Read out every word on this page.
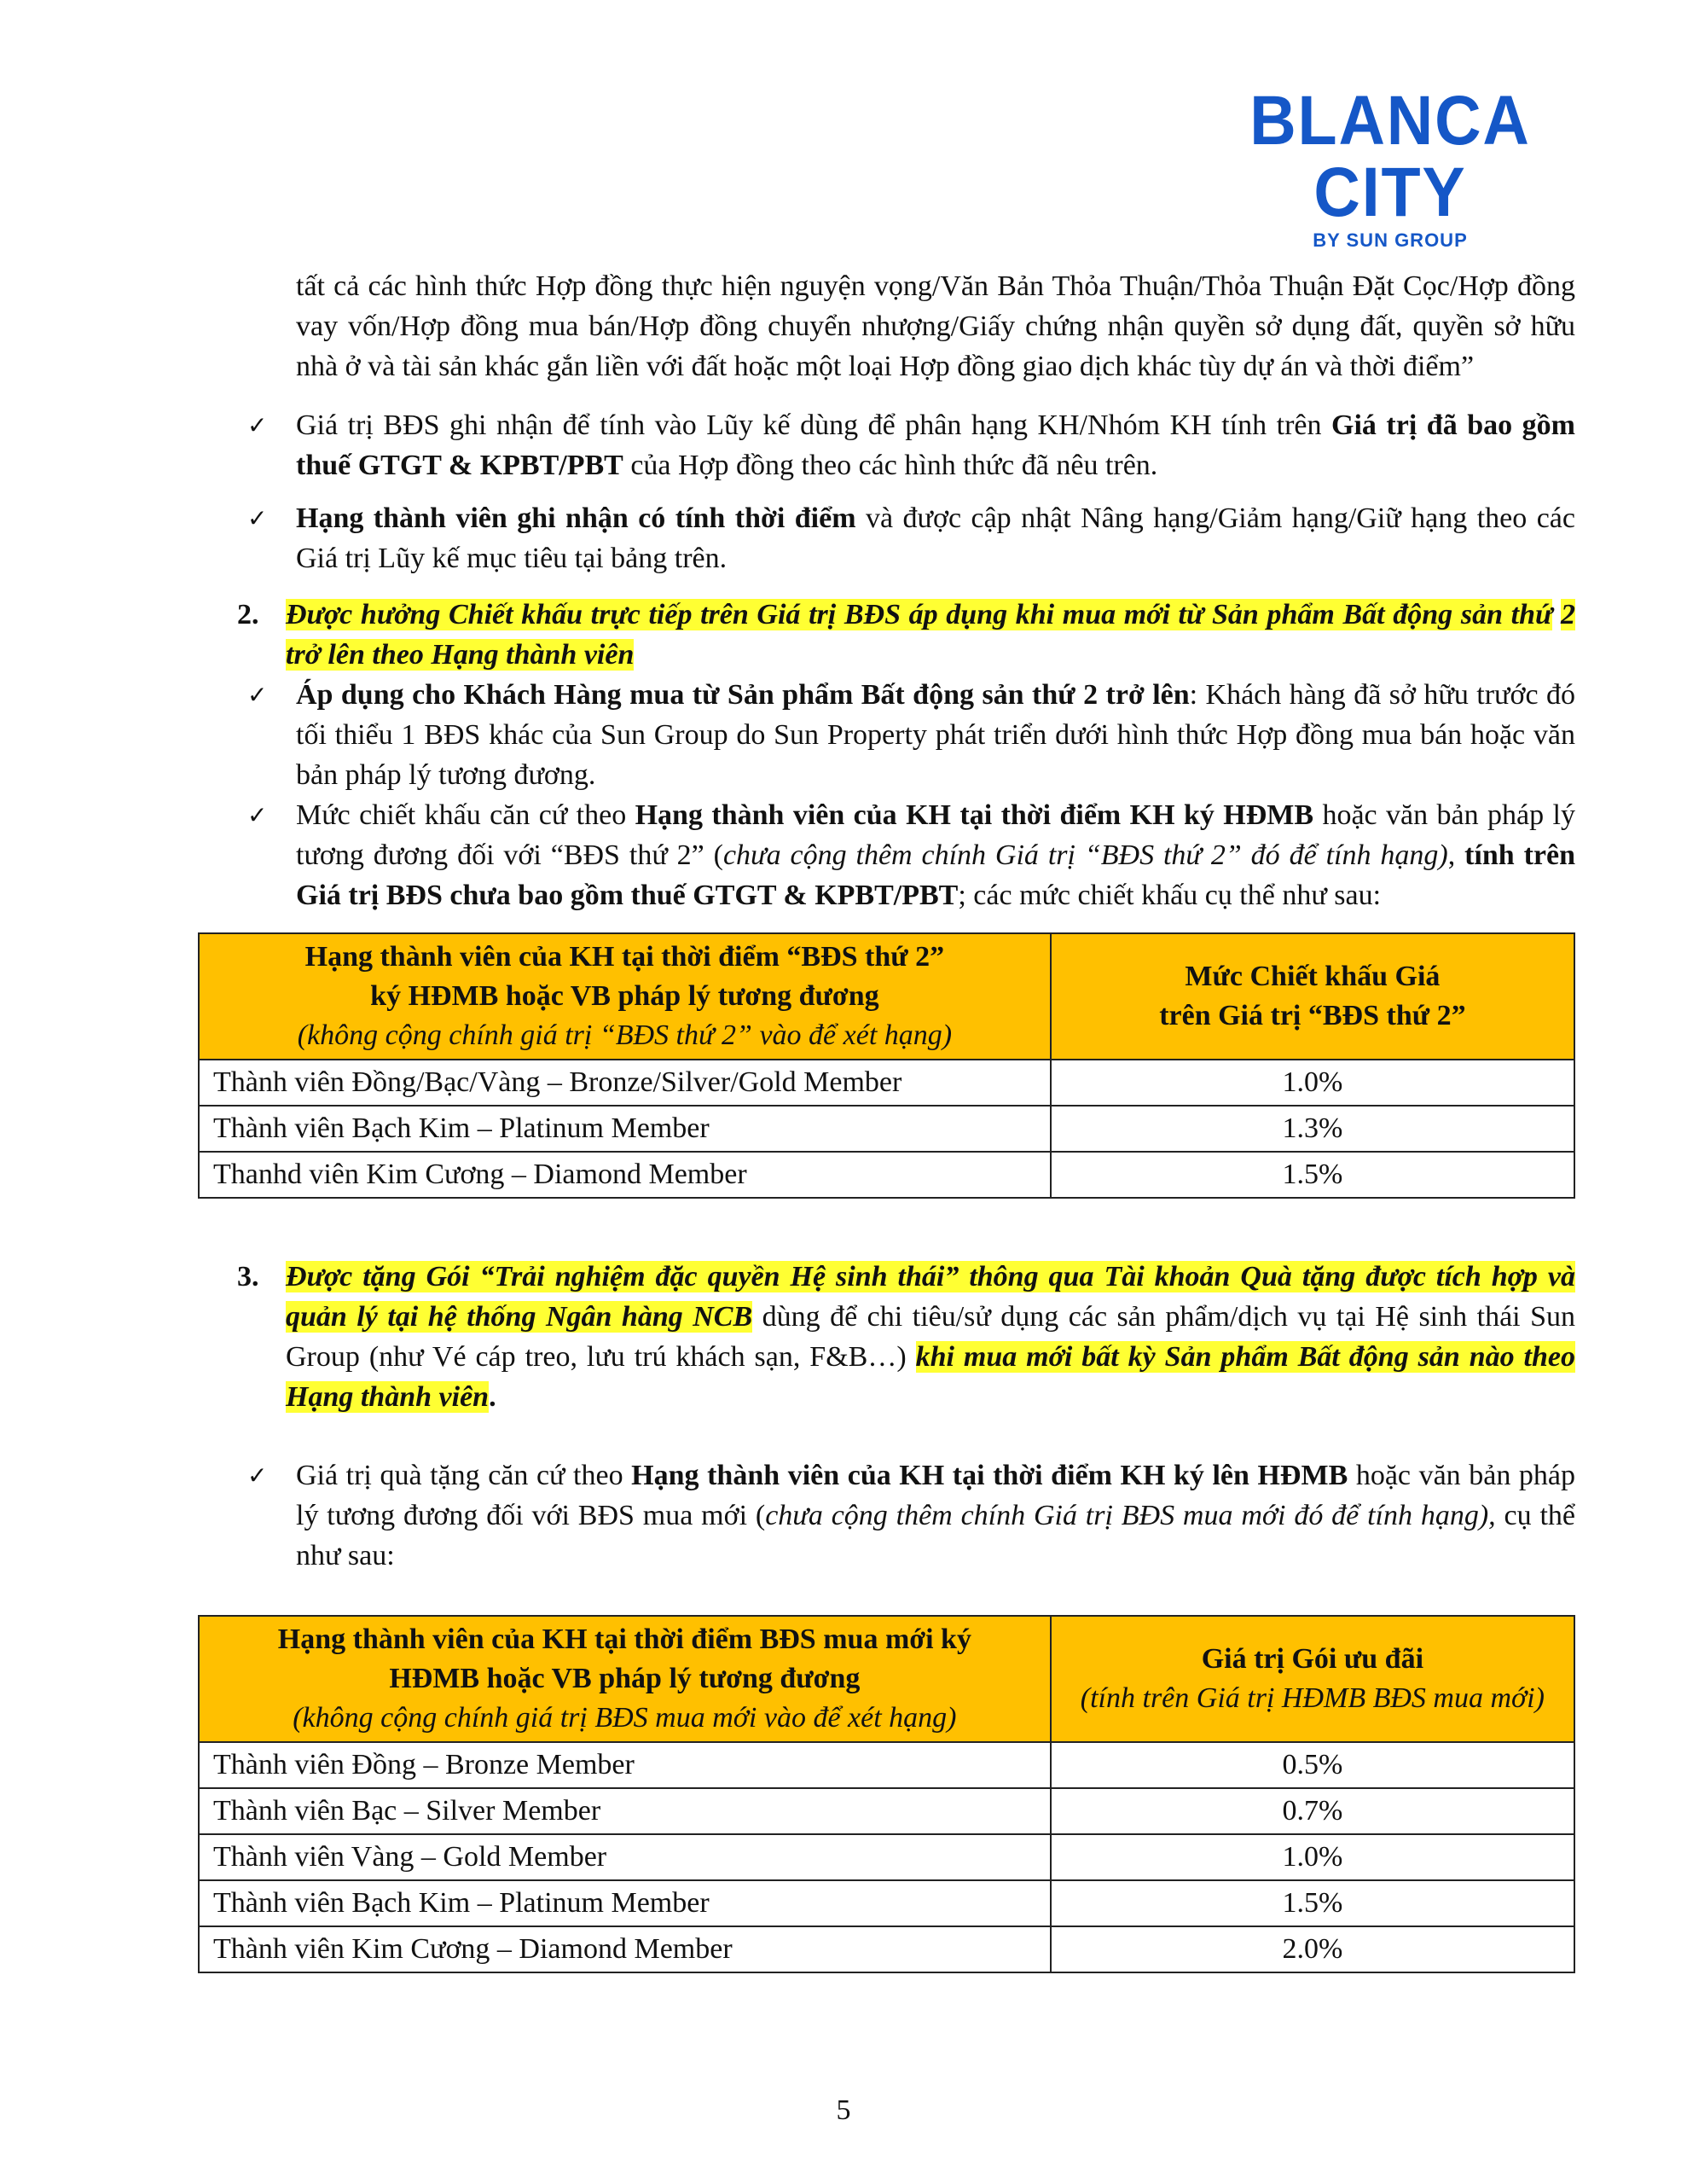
BLANCA CITY
BY SUN GROUP

tất cả các hình thức Hợp đồng thực hiện nguyện vọng/Văn Bản Thỏa Thuận/Thỏa Thuận Đặt Cọc/Hợp đồng vay vốn/Hợp đồng mua bán/Hợp đồng chuyển nhượng/Giấy chứng nhận quyền sở dụng đất, quyền sở hữu nhà ở và tài sản khác gắn liền với đất hoặc một loại Hợp đồng giao dịch khác tùy dự án và thời điểm”

✓ Giá trị BĐS ghi nhận để tính vào Lũy kế dùng để phân hạng KH/Nhóm KH tính trên Giá trị đã bao gồm thuế GTGT & KPBT/PBT của Hợp đồng theo các hình thức đã nêu trên.

✓ Hạng thành viên ghi nhận có tính thời điểm và được cập nhật Nâng hạng/Giảm hạng/Giữ hạng theo các Giá trị Lũy kế mục tiêu tại bảng trên.

2. Được hưởng Chiết khấu trực tiếp trên Giá trị BĐS áp dụng khi mua mới từ Sản phẩm Bất động sản thứ 2 trở lên theo Hạng thành viên

✓ Áp dụng cho Khách Hàng mua từ Sản phẩm Bất động sản thứ 2 trở lên: Khách hàng đã sở hữu trước đó tối thiểu 1 BĐS khác của Sun Group do Sun Property phát triển dưới hình thức Hợp đồng mua bán hoặc văn bản pháp lý tương đương.

✓ Mức chiết khấu căn cứ theo Hạng thành viên của KH tại thời điểm KH ký HĐMB hoặc văn bản pháp lý tương đương đối với “BĐS thứ 2” (chưa cộng thêm chính Giá trị “BĐS thứ 2” đó để tính hạng), tính trên Giá trị BĐS chưa bao gồm thuế GTGT & KPBT/PBT; các mức chiết khấu cụ thể như sau:

Hạng thành viên của KH tại thời điểm “BĐS thứ 2”
ký HĐMB hoặc VB pháp lý tương đương
(không cộng chính giá trị “BĐS thứ 2” vào để xét hạng)	Mức Chiết khấu Giá
trên Giá trị “BĐS thứ 2”

Thành viên Đồng/Bạc/Vàng – Bronze/Silver/Gold Member	1.0%
Thành viên Bạch Kim – Platinum Member	1.3%
Thanhd viên Kim Cương – Diamond Member	1.5%
3. Được tặng Gói “Trải nghiệm đặc quyền Hệ sinh thái” thông qua Tài khoản Quà tặng được tích hợp và quản lý tại hệ thống Ngân hàng NCB dùng để chi tiêu/sử dụng các sản phẩm/dịch vụ tại Hệ sinh thái Sun Group (như Vé cáp treo, lưu trú khách sạn, F&B…) khi mua mới bất kỳ Sản phẩm Bất động sản nào theo Hạng thành viên.

✓ Giá trị quà tặng căn cứ theo Hạng thành viên của KH tại thời điểm KH ký lên HĐMB hoặc văn bản pháp lý tương đương đối với BĐS mua mới (chưa cộng thêm chính Giá trị BĐS mua mới đó để tính hạng), cụ thể như sau:

Hạng thành viên của KH tại thời điểm BĐS mua mới ký
HĐMB hoặc VB pháp lý tương đương
(không cộng chính giá trị BĐS mua mới vào để xét hạng)	Giá trị Gói ưu đãi
(tính trên Giá trị HĐMB BĐS mua mới)

Thành viên Đồng – Bronze Member	0.5%
Thành viên Bạc – Silver Member	0.7%
Thành viên Vàng – Gold Member	1.0%
Thành viên Bạch Kim – Platinum Member	1.5%
Thành viên Kim Cương – Diamond Member	2.0%
5
